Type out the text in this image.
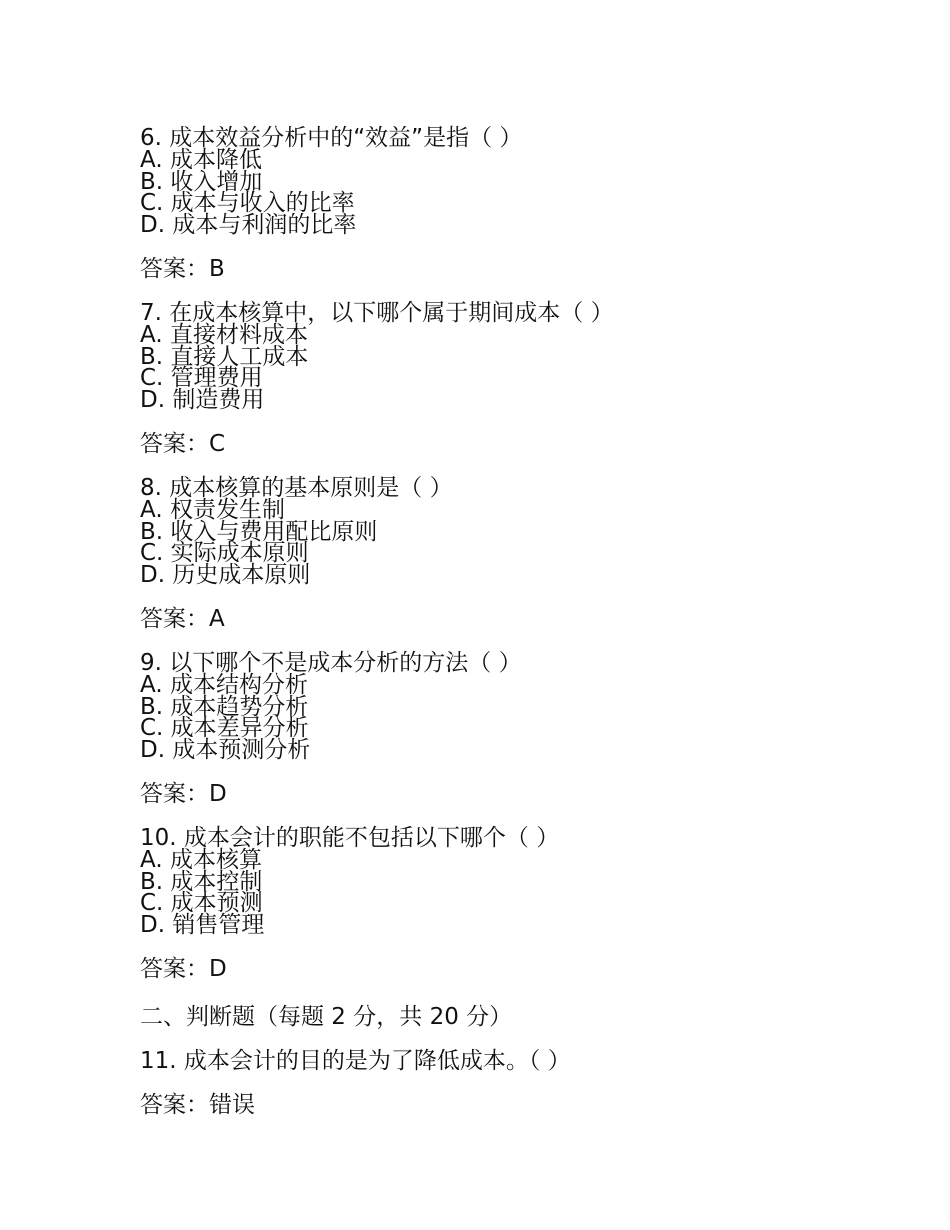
6. 成本效益分析中的“效益”是指（ ）
A. 成本降低
B. 收入增加
C. 成本与收入的比率
D. 成本与利润的比率
答案：B
7. 在成本核算中，以下哪个属于期间成本（ ）
A. 直接材料成本
B. 直接人工成本
C. 管理费用
D. 制造费用
答案：C
8. 成本核算的基本原则是（ ）
A. 权责发生制
B. 收入与费用配比原则
C. 实际成本原则
D. 历史成本原则
答案：A
9. 以下哪个不是成本分析的方法（ ）
A. 成本结构分析
B. 成本趋势分析
C. 成本差异分析
D. 成本预测分析
答案：D
10. 成本会计的职能不包括以下哪个（ ）
A. 成本核算
B. 成本控制
C. 成本预测
D. 销售管理
答案：D
二、判断题（每题 2 分，共 20 分）
11. 成本会计的目的是为了降低成本。（ ）
答案：错误
